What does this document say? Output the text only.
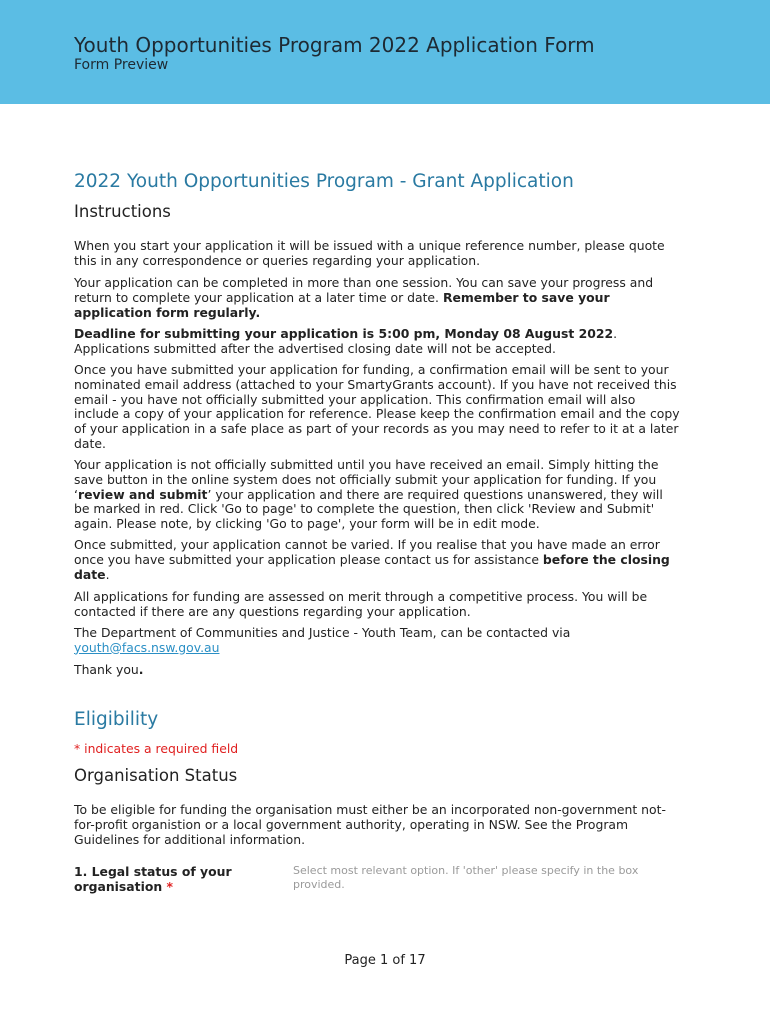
Youth Opportunities Program 2022 Application Form
Form Preview
2022 Youth Opportunities Program - Grant Application
Instructions
When you start your application it will be issued with a unique reference number, please quote this in any correspondence or queries regarding your application.
Your application can be completed in more than one session. You can save your progress and return to complete your application at a later time or date. Remember to save your application form regularly.
Deadline for submitting your application is 5:00 pm, Monday 08 August 2022. Applications submitted after the advertised closing date will not be accepted.
Once you have submitted your application for funding, a confirmation email will be sent to your nominated email address (attached to your SmartyGrants account). If you have not received this email - you have not officially submitted your application. This confirmation email will also include a copy of your application for reference. Please keep the confirmation email and the copy of your application in a safe place as part of your records as you may need to refer to it at a later date.
Your application is not officially submitted until you have received an email. Simply hitting the save button in the online system does not officially submit your application for funding. If you ‘review and submit’ your application and there are required questions unanswered, they will be marked in red. Click 'Go to page' to complete the question, then click 'Review and Submit' again. Please note, by clicking 'Go to page', your form will be in edit mode.
Once submitted, your application cannot be varied. If you realise that you have made an error once you have submitted your application please contact us for assistance before the closing date.
All applications for funding are assessed on merit through a competitive process. You will be contacted if there are any questions regarding your application.
The Department of Communities and Justice - Youth Team, can be contacted via
youth@facs.nsw.gov.au
Thank you.
Eligibility
* indicates a required field
Organisation Status
To be eligible for funding the organisation must either be an incorporated non-government not-for-profit organistion or a local government authority, operating in NSW. See the Program Guidelines for additional information.
1. Legal status of your organisation *
Select most relevant option. If 'other' please specify in the box provided.
Page 1 of 17
